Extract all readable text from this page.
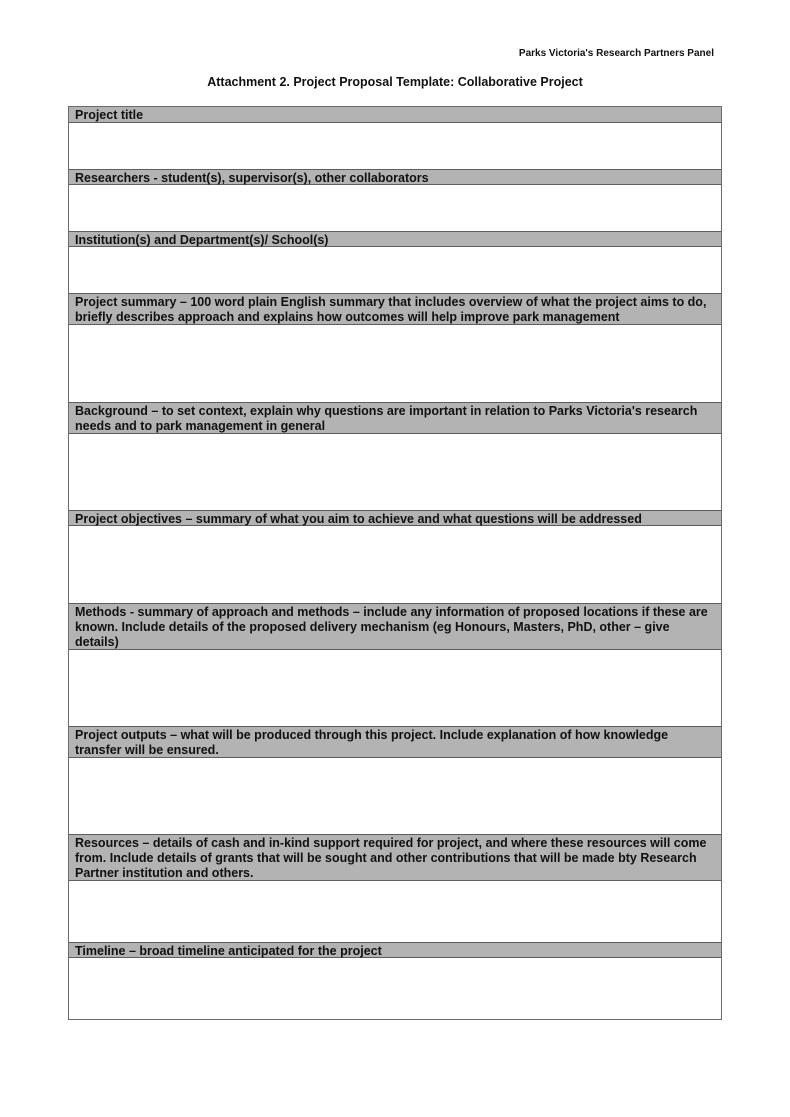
Parks Victoria's Research Partners Panel
Attachment 2. Project Proposal Template: Collaborative Project
Project title
Researchers - student(s), supervisor(s), other collaborators
Institution(s) and Department(s)/ School(s)
Project summary – 100 word plain English summary that includes overview of what the project aims to do, briefly describes approach and explains how outcomes will help improve park management
Background – to set context, explain why questions are important in relation to Parks Victoria's research needs and to park management in general
Project objectives – summary of what you aim to achieve and what questions will be addressed
Methods - summary of approach and methods – include any information of proposed locations if these are known. Include details of the proposed delivery mechanism (eg Honours, Masters, PhD, other – give details)
Project outputs – what will be produced through this project. Include explanation of how knowledge transfer will be ensured.
Resources – details of cash and in-kind support required for project, and where these resources will come from. Include details of grants that will be sought and other contributions that will be made bty Research Partner institution and others.
Timeline – broad timeline anticipated for the project
